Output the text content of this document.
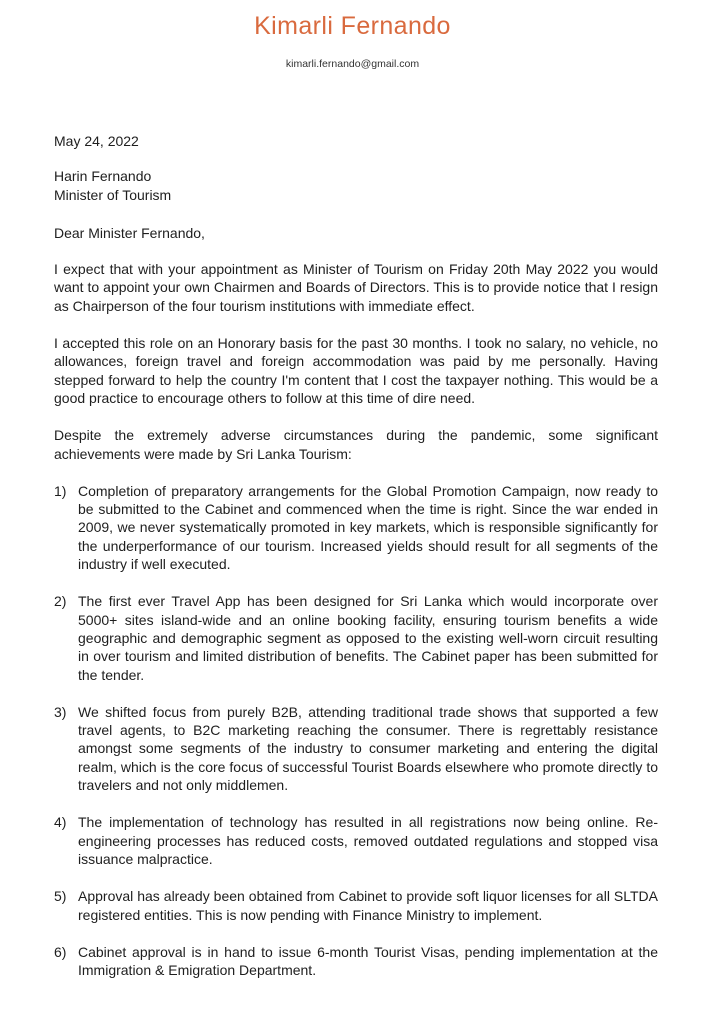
Kimarli Fernando
kimarli.fernando@gmail.com
May 24, 2022
Harin Fernando
Minister of Tourism
Dear Minister Fernando,

I expect that with your appointment as Minister of Tourism on Friday 20th May 2022 you would want to appoint your own Chairmen and Boards of Directors. This is to provide notice that I resign as Chairperson of the four tourism institutions with immediate effect.

I accepted this role on an Honorary basis for the past 30 months. I took no salary, no vehicle, no allowances, foreign travel and foreign accommodation was paid by me personally. Having stepped forward to help the country I'm content that I cost the taxpayer nothing. This would be a good practice to encourage others to follow at this time of dire need.

Despite the extremely adverse circumstances during the pandemic, some significant achievements were made by Sri Lanka Tourism:

1) Completion of preparatory arrangements for the Global Promotion Campaign, now ready to be submitted to the Cabinet and commenced when the time is right. Since the war ended in 2009, we never systematically promoted in key markets, which is responsible significantly for the underperformance of our tourism. Increased yields should result for all segments of the industry if well executed.
2) The first ever Travel App has been designed for Sri Lanka which would incorporate over 5000+ sites island-wide and an online booking facility, ensuring tourism benefits a wide geographic and demographic segment as opposed to the existing well-worn circuit resulting in over tourism and limited distribution of benefits. The Cabinet paper has been submitted for the tender.
3) We shifted focus from purely B2B, attending traditional trade shows that supported a few travel agents, to B2C marketing reaching the consumer. There is regrettably resistance amongst some segments of the industry to consumer marketing and entering the digital realm, which is the core focus of successful Tourist Boards elsewhere who promote directly to travelers and not only middlemen.
4) The implementation of technology has resulted in all registrations now being online. Reengineering processes has reduced costs, removed outdated regulations and stopped visa issuance malpractice.
5) Approval has already been obtained from Cabinet to provide soft liquor licenses for all SLTDA registered entities. This is now pending with Finance Ministry to implement.
6) Cabinet approval is in hand to issue 6-month Tourist Visas, pending implementation at the Immigration & Emigration Department.
